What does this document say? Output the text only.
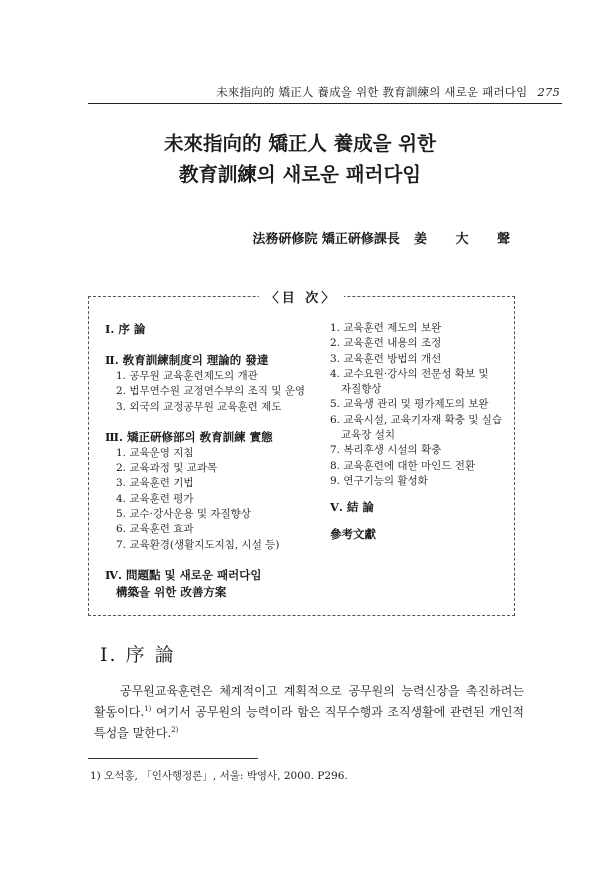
未來指向的 矯正人 養成을 위한 教育訓練의 새로운 패러다임 275
未來指向的 矯正人 養成을 위한
教育訓練의 새로운 패러다임
法務硏修院 矯正硏修課長 姜 大 聲
〈目 次〉
Ⅰ. 序 論
Ⅱ. 敎育訓練制度의 理論的 發達
1. 공무원 교육훈련제도의 개관
2. 법무연수원 교정연수부의 조직 및 운영
3. 외국의 교정공무원 교육훈련 제도
Ⅲ. 矯正硏修部의 敎育訓練 實態
1. 교육운영 지침
2. 교육과정 및 교과목
3. 교육훈련 기법
4. 교육훈련 평가
5. 교수·강사운용 및 자질향상
6. 교육훈련 효과
7. 교육환경(생활지도지침, 시설 등)
Ⅳ. 問題點 및 새로운 패러다임
構築을 위한 改善方案
1. 교육훈련 제도의 보완
2. 교육훈련 내용의 조정
3. 교육훈련 방법의 개선
4. 교수요원·강사의 전문성 확보 및
자질향상
5. 교육생 관리 및 평가제도의 보완
6. 교육시설, 교육기자재 확충 및 실습
교육장 설치
7. 복리후생 시설의 확충
8. 교육훈련에 대한 마인드 전환
9. 연구기능의 활성화
Ⅴ. 結 論
參考文獻
Ⅰ. 序 論

공무원교육훈련은 체계적이고 계획적으로 공무원의 능력신장을 촉진하려는 활동이다.$^{1)}$ 여기서 공무원의 능력이라 함은 직무수행과 조직생활에 관련된 개인적 특성을 말한다.$^{2)}$

1) 오석홍, 「인사행정론」, 서울: 박영사, 2000. P296.
